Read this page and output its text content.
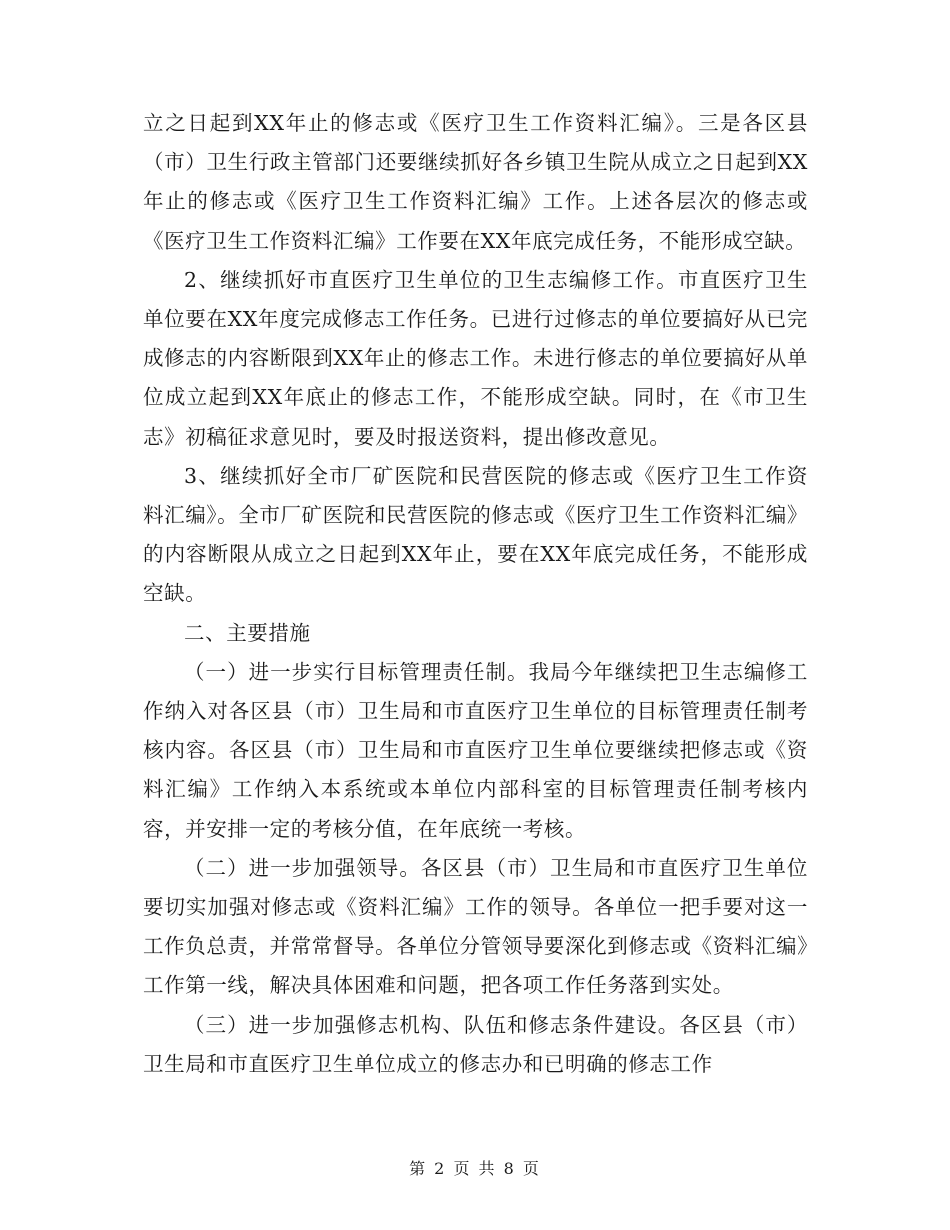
立之日起到XX年止的修志或《医疗卫生工作资料汇编》。三是各区县（市）卫生行政主管部门还要继续抓好各乡镇卫生院从成立之日起到XX年止的修志或《医疗卫生工作资料汇编》工作。上述各层次的修志或《医疗卫生工作资料汇编》工作要在XX年底完成任务，不能形成空缺。

2、继续抓好市直医疗卫生单位的卫生志编修工作。市直医疗卫生单位要在XX年度完成修志工作任务。已进行过修志的单位要搞好从已完成修志的内容断限到XX年止的修志工作。未进行修志的单位要搞好从单位成立起到XX年底止的修志工作，不能形成空缺。同时，在《市卫生志》初稿征求意见时，要及时报送资料，提出修改意见。

3、继续抓好全市厂矿医院和民营医院的修志或《医疗卫生工作资料汇编》。全市厂矿医院和民营医院的修志或《医疗卫生工作资料汇编》的内容断限从成立之日起到XX年止，要在XX年底完成任务，不能形成空缺。

二、主要措施

（一）进一步实行目标管理责任制。我局今年继续把卫生志编修工作纳入对各区县（市）卫生局和市直医疗卫生单位的目标管理责任制考核内容。各区县（市）卫生局和市直医疗卫生单位要继续把修志或《资料汇编》工作纳入本系统或本单位内部科室的目标管理责任制考核内容，并安排一定的考核分值，在年底统一考核。

（二）进一步加强领导。各区县（市）卫生局和市直医疗卫生单位要切实加强对修志或《资料汇编》工作的领导。各单位一把手要对这一工作负总责，并常常督导。各单位分管领导要深化到修志或《资料汇编》工作第一线，解决具体困难和问题，把各项工作任务落到实处。

（三）进一步加强修志机构、队伍和修志条件建设。各区县（市）卫生局和市直医疗卫生单位成立的修志办和已明确的修志工作

第 2 页 共 8 页
